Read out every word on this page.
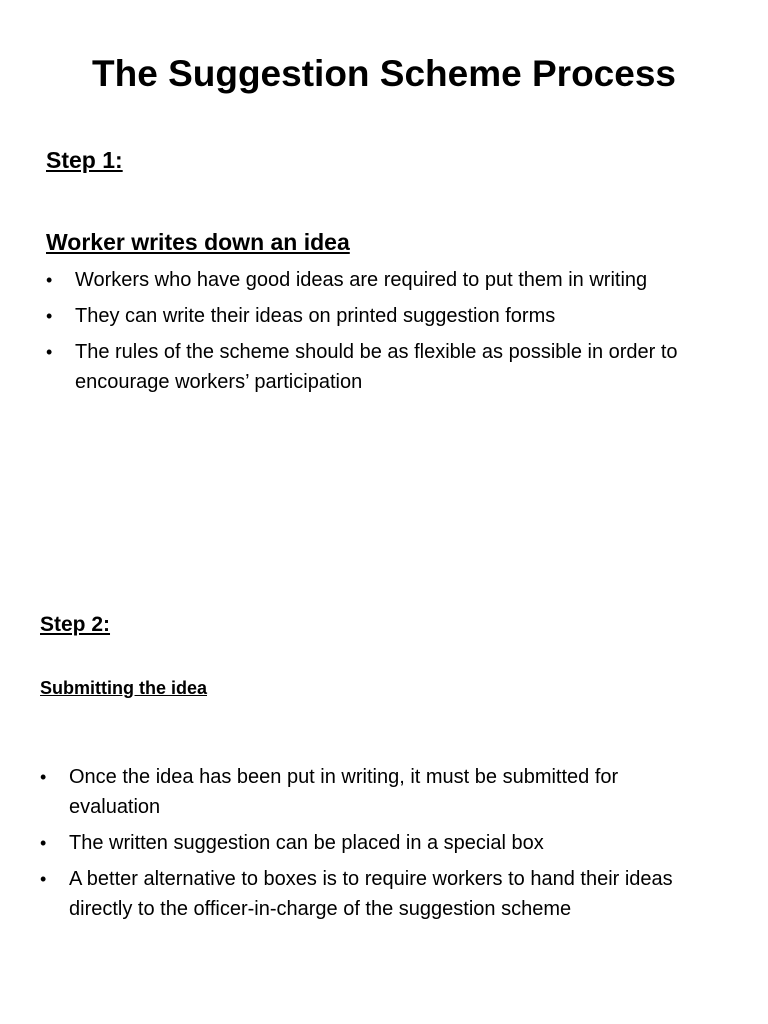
The Suggestion Scheme Process
Step 1:
Worker writes down an idea
• Workers who have good ideas are required to put them in writing
• They can write their ideas on printed suggestion forms
• The rules of the scheme should be as flexible as possible in order to encourage workers’ participation
Step 2:
Submitting the idea
• Once the idea has been put in writing, it must be submitted for evaluation
• The written suggestion can be placed in a special box
• A better alternative to boxes is to require workers to hand their ideas directly to the officer-in-charge of the suggestion scheme
